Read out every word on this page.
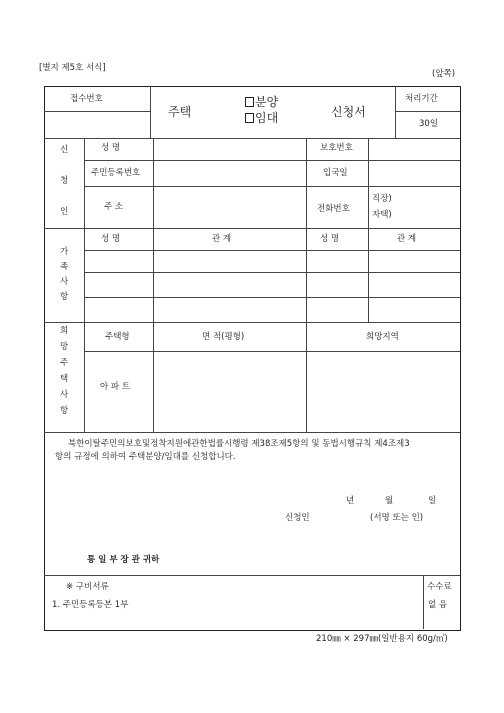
[별지 제5호 서식]
(앞쪽)
접수번호
주택
분양
임대	신청서
처리기간
30일
신
청
인
성 명	보호번호
주민등록번호	입국일
주 소	전화번호
직장)
자택)
가
족
사
항
성 명	관 계	성 명	관 계
희
망
주
택
사
항
주택형	면 적(평형)	희망지역
아 파 트
북한이탈주민의보호및정착지원에관한법률시행령 제38조제5항의 및 동법시행규칙 제4조제3
항의 규정에 의하여 주택분양/임대를 신청합니다.
년	월	일
신청인	(서명 또는 인)
통 일 부 장 관 귀하
※ 구비서류
1. 주민등록등본 1부
수수료
없 음
210㎜ × 297㎜(일반용지 60g/㎡)
